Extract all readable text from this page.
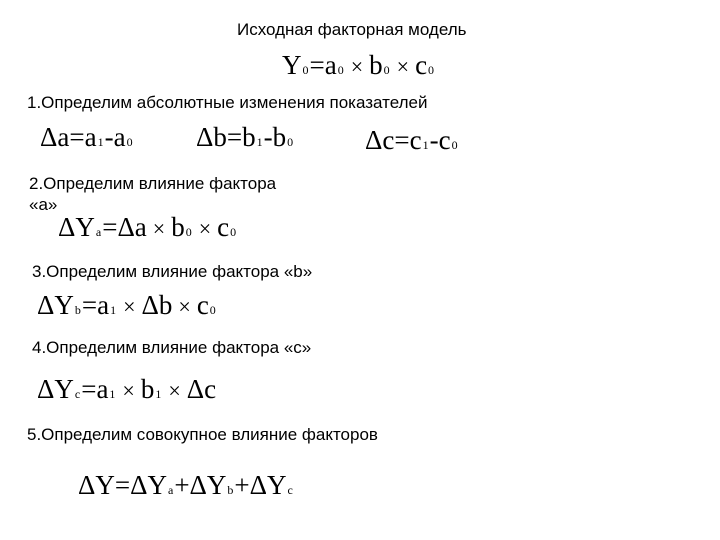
Исходная факторная модель
Y0=a0 × b0 × c0
1.Определим абсолютные изменения показателей
Δa=a1-a0 Δb=b1-b0	Δc=c1-c0
2.Определим влияние фактора
«a»
ΔYa=Δa × b0 × c0
3.Определим влияние фактора «b»
ΔYb=a1 × Δb × c0
4.Определим влияние фактора «c»
ΔYc=a1 × b1 × Δc
5.Определим совокупное влияние факторов
ΔY=ΔYa+ΔYb+ΔYc
